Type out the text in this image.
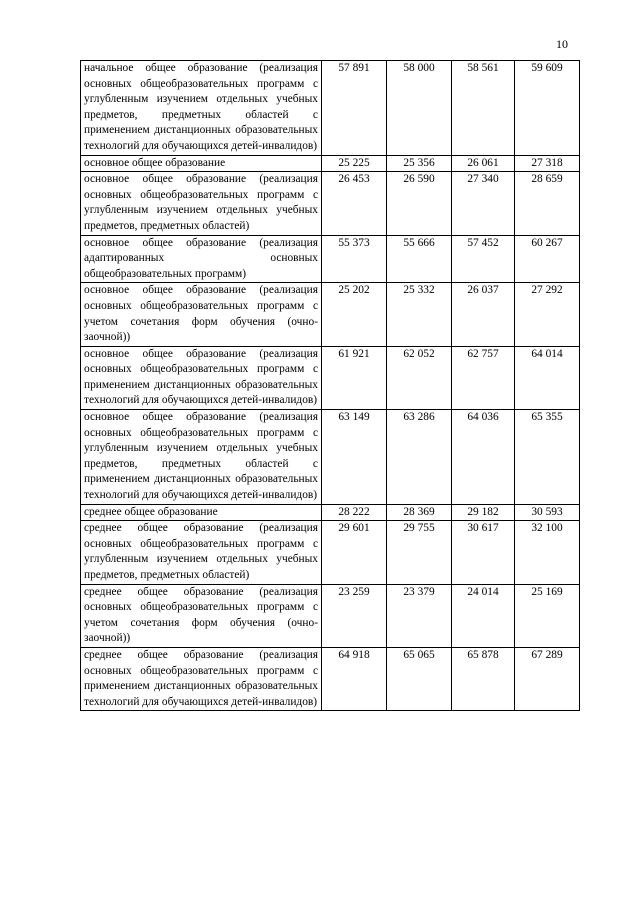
10
начальное общее образование (реализация основных общеобразовательных программ с углубленным изучением отдельных учебных предметов, предметных областей с применением дистанционных образовательных технологий для обучающихся детей-инвалидов)	57 891	58 000	58 561	59 609
основное общее образование	25 225	25 356	26 061	27 318
основное общее образование (реализация основных общеобразовательных программ с углубленным изучением отдельных учебных предметов, предметных областей)	26 453	26 590	27 340	28 659
основное общее образование (реализация адаптированных основных общеобразовательных программ)	55 373	55 666	57 452	60 267
основное общее образование (реализация основных общеобразовательных программ с учетом сочетания форм обучения (очно-заочной))	25 202	25 332	26 037	27 292
основное общее образование (реализация основных общеобразовательных программ с применением дистанционных образовательных технологий для обучающихся детей-инвалидов)	61 921	62 052	62 757	64 014
основное общее образование (реализация основных общеобразовательных программ с углубленным изучением отдельных учебных предметов, предметных областей с применением дистанционных образовательных технологий для обучающихся детей-инвалидов)	63 149	63 286	64 036	65 355
среднее общее образование	28 222	28 369	29 182	30 593
среднее общее образование (реализация основных общеобразовательных программ с углубленным изучением отдельных учебных предметов, предметных областей)	29 601	29 755	30 617	32 100
среднее общее образование (реализация основных общеобразовательных программ с учетом сочетания форм обучения (очно-заочной))	23 259	23 379	24 014	25 169
среднее общее образование (реализация основных общеобразовательных программ с применением дистанционных образовательных технологий для обучающихся детей-инвалидов)	64 918	65 065	65 878	67 289
